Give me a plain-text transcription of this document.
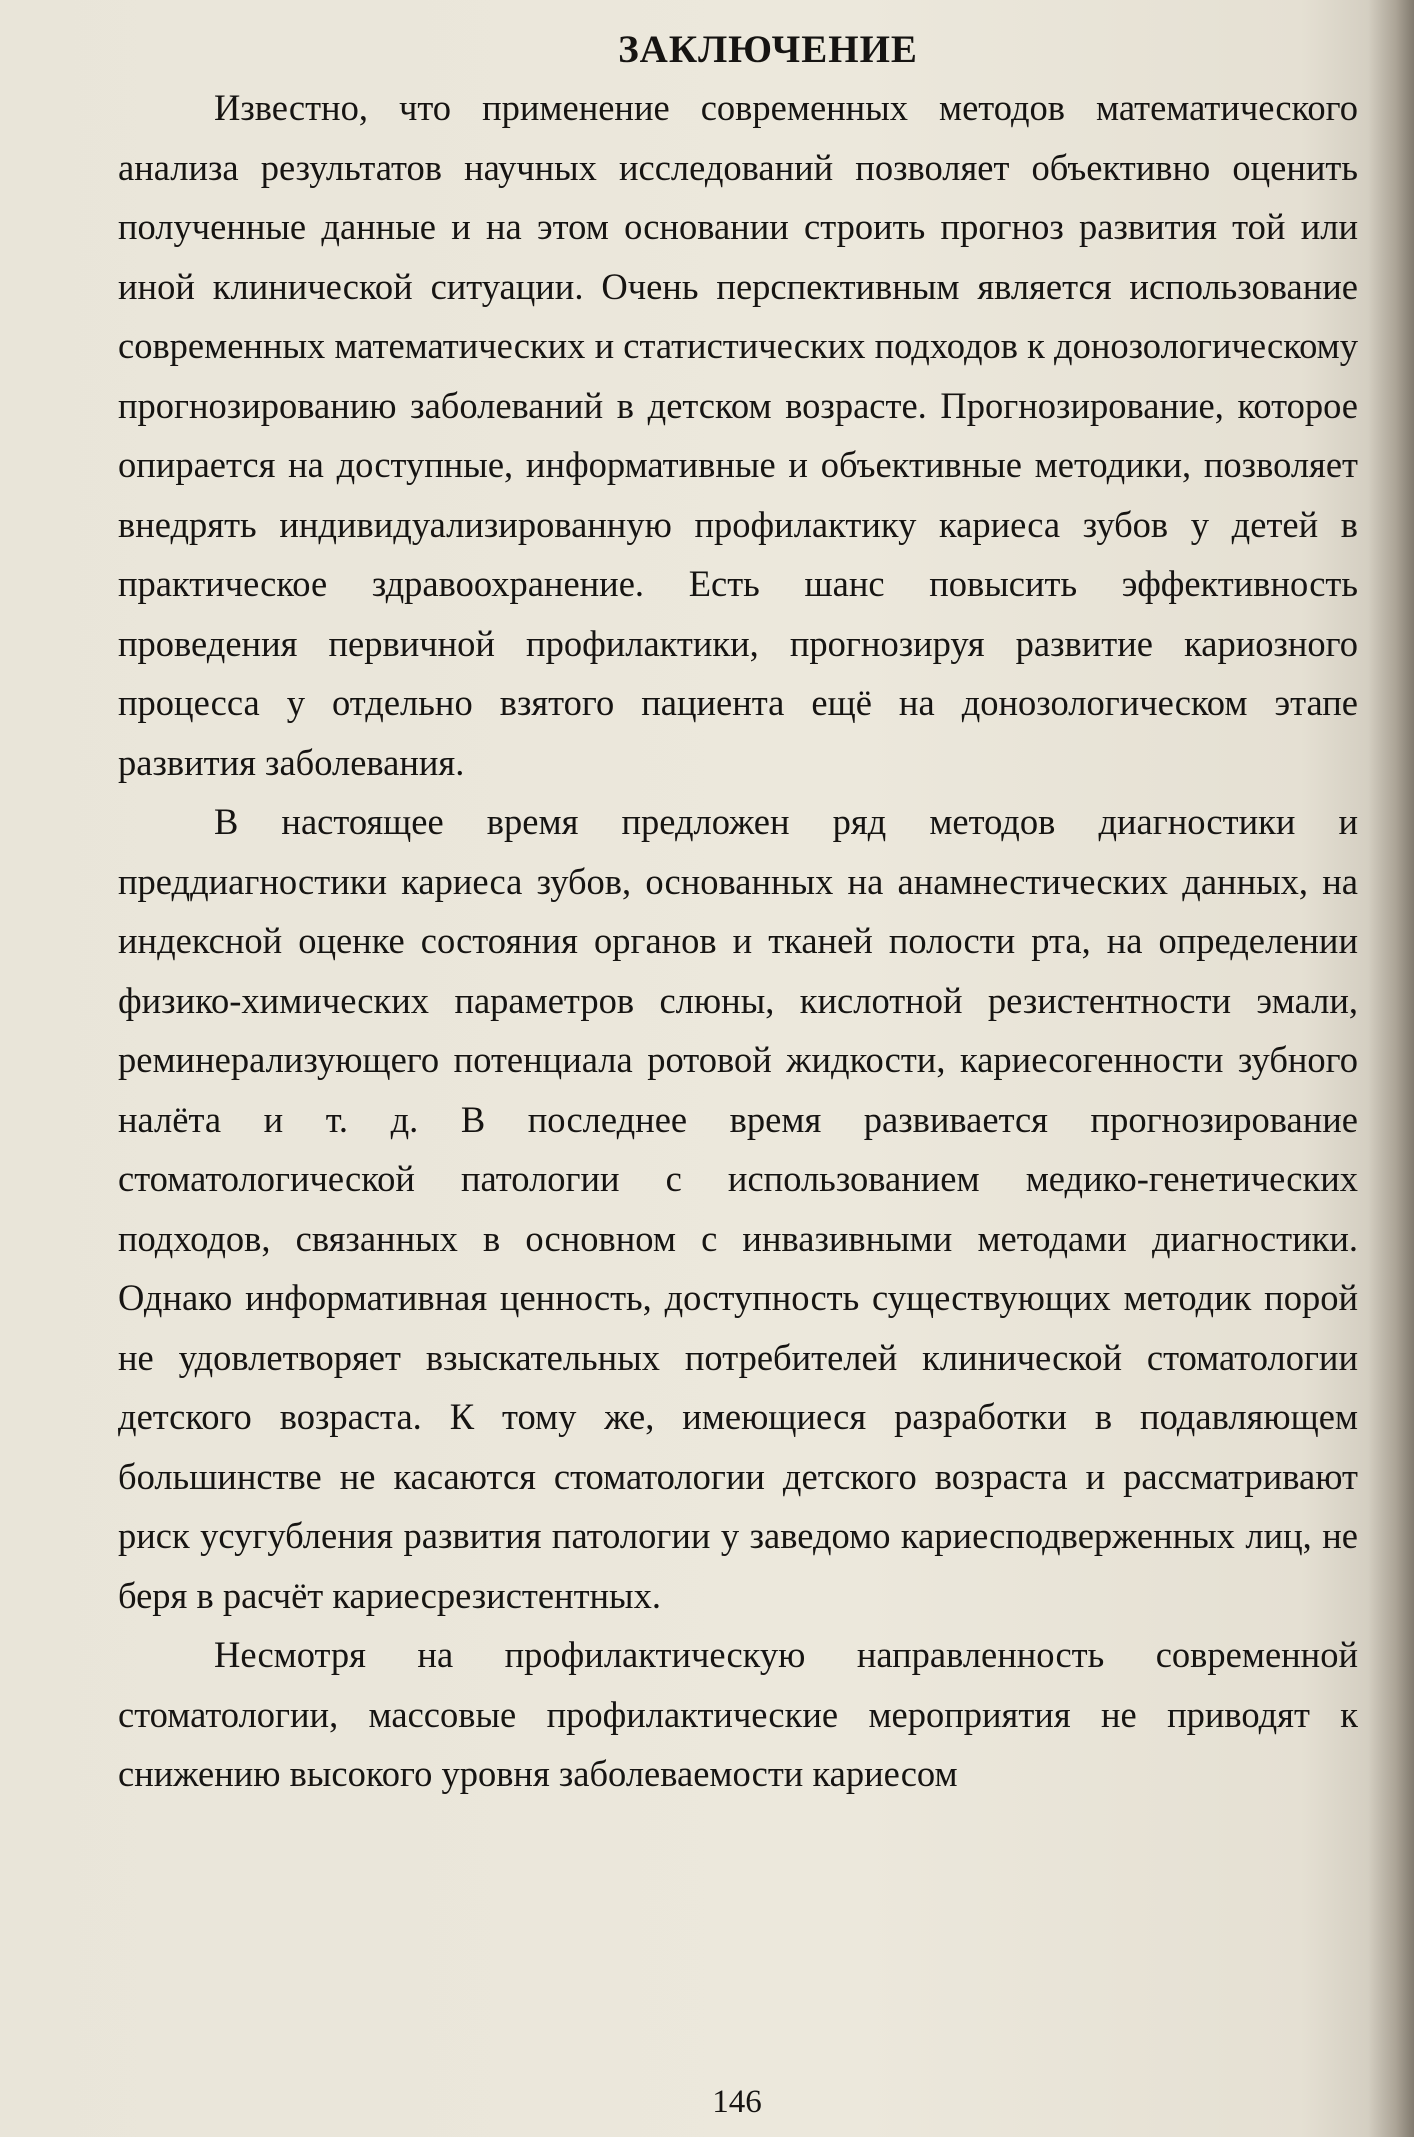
ЗАКЛЮЧЕНИЕ

Известно, что применение современных методов математического анализа результатов научных исследований позволяет объективно оценить полученные данные и на этом основании строить прогноз развития той или иной клинической ситуации. Очень перспективным является использование современных математических и статистических подходов к донозологическому прогнозированию заболеваний в детском возрасте. Прогнозирование, которое опирается на доступные, информативные и объективные методики, позволяет внедрять индивидуализированную профилактику кариеса зубов у детей в практическое здравоохранение. Есть шанс повысить эффективность проведения первичной профилактики, прогнозируя развитие кариозного процесса у отдельно взятого пациента ещё на донозологическом этапе развития заболевания.

В настоящее время предложен ряд методов диагностики и преддиагностики кариеса зубов, основанных на анамнестических данных, на индексной оценке состояния органов и тканей полости рта, на определении физико-химических параметров слюны, кислотной резистентности эмали, реминерализующего потенциала ротовой жидкости, кариесогенности зубного налёта и т. д. В последнее время развивается прогнозирование стоматологической патологии с использованием медико-генетических подходов, связанных в основном с инвазивными методами диагностики. Однако информативная ценность, доступность существующих методик порой не удовлетворяет взыскательных потребителей клинической стоматологии детского возраста. К тому же, имеющиеся разработки в подавляющем большинстве не касаются стоматологии детского возраста и рассматривают риск усугубления развития патологии у заведомо кариесподверженных лиц, не беря в расчёт кариесрезистентных.

Несмотря на профилактическую направленность современной стоматологии, массовые профилактические мероприятия не приводят к снижению высокого уровня заболеваемости кариесом

146
